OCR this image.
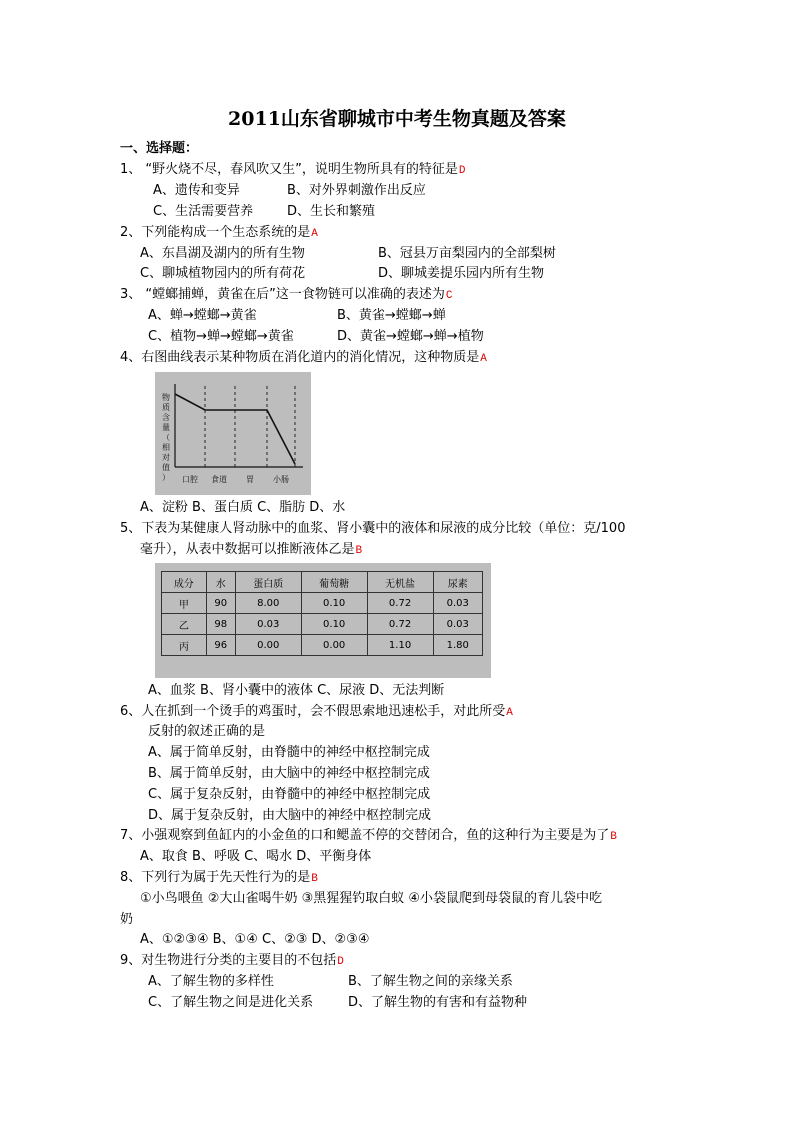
2011山东省聊城市中考生物真题及答案
一、选择题：
1、 “野火烧不尽，春风吹又生”，说明生物所具有的特征是D
A、遗传和变异	B、对外界刺激作出反应
C、生活需要营养	D、生长和繁殖
2、下列能构成一个生态系统的是A
A、东昌湖及湖内的所有生物	B、冠县万亩梨园内的全部梨树
C、聊城植物园内的所有荷花	D、聊城姜提乐园内所有生物
3、 “螳螂捕蝉，黄雀在后”这一食物链可以准确的表述为C
A、蝉→螳螂→黄雀	B、黄雀→螳螂→蝉
C、植物→蝉→螳螂→黄雀	D、黄雀→螳螂→蝉→植物
4、右图曲线表示某种物质在消化道内的消化情况，这种物质是A
物
质
含
量
（
相
对
值
） 口腔 食道 胃 小肠
A、淀粉 B、蛋白质 C、脂肪 D、水
5、下表为某健康人肾动脉中的血浆、肾小囊中的液体和尿液的成分比较（单位：克/100
毫升），从表中数据可以推断液体乙是B
成分	水	蛋白质	葡萄糖	无机盐	尿素
甲	90	8.00	0.10	0.72	0.03
乙	98	0.03	0.10	0.72	0.03
丙	96	0.00	0.00	1.10	1.80
A、血浆 B、肾小囊中的液体 C、尿液 D、无法判断
6、人在抓到一个烫手的鸡蛋时，会不假思索地迅速松手，对此所受A
反射的叙述正确的是
A、属于简单反射，由脊髓中的神经中枢控制完成
B、属于简单反射，由大脑中的神经中枢控制完成
C、属于复杂反射，由脊髓中的神经中枢控制完成
D、属于复杂反射，由大脑中的神经中枢控制完成
7、小强观察到鱼缸内的小金鱼的口和鳃盖不停的交替闭合，鱼的这种行为主要是为了B
A、取食 B、呼吸 C、喝水 D、平衡身体
8、下列行为属于先天性行为的是B
①小鸟喂鱼 ②大山雀喝牛奶 ③黑猩猩钓取白蚁 ④小袋鼠爬到母袋鼠的育儿袋中吃
奶
A、①②③④ B、①④ C、②③ D、②③④
9、对生物进行分类的主要目的不包括D
A、了解生物的多样性	B、了解生物之间的亲缘关系
C、了解生物之间是进化关系	D、了解生物的有害和有益物种
